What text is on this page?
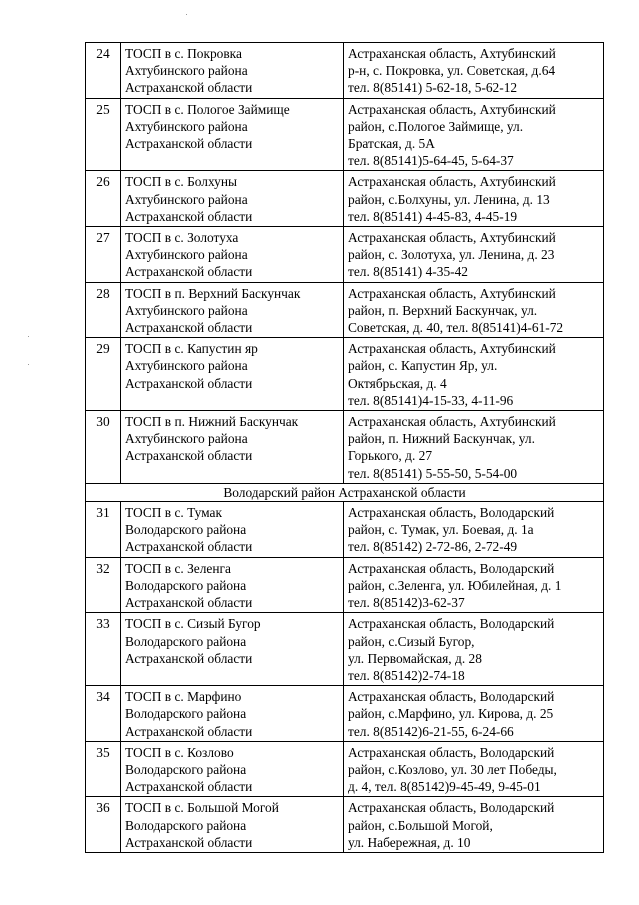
24	ТОСП в с. Покровка
Ахтубинского района
Астраханской области	Астраханская область, Ахтубинский
р-н, с. Покровка, ул. Советская, д.64
тел. 8(85141) 5-62-18, 5-62-12

25	ТОСП в с. Пологое Займище
Ахтубинского района
Астраханской области	Астраханская область, Ахтубинский
район, с.Пологое Займище, ул.
Братская, д. 5А
тел. 8(85141)5-64-45, 5-64-37

26	ТОСП в с. Болхуны
Ахтубинского района
Астраханской области	Астраханская область, Ахтубинский
район, с.Болхуны, ул. Ленина, д. 13
тел. 8(85141) 4-45-83, 4-45-19

27	ТОСП в с. Золотуха
Ахтубинского района
Астраханской области	Астраханская область, Ахтубинский
район, с. Золотуха, ул. Ленина, д. 23
тел. 8(85141) 4-35-42

28	ТОСП в п. Верхний Баскунчак
Ахтубинского района
Астраханской области	Астраханская область, Ахтубинский
район, п. Верхний Баскунчак, ул.
Советская, д. 40, тел. 8(85141)4-61-72

29	ТОСП в с. Капустин яр
Ахтубинского района
Астраханской области	Астраханская область, Ахтубинский
район, с. Капустин Яр, ул.
Октябрьская, д. 4
тел. 8(85141)4-15-33, 4-11-96

30	ТОСП в п. Нижний Баскунчак
Ахтубинского района
Астраханской области	Астраханская область, Ахтубинский
район, п. Нижний Баскунчак, ул.
Горького, д. 27
тел. 8(85141) 5-55-50, 5-54-00

Володарский район Астраханской области		
31	ТОСП в с. Тумак
Володарского района
Астраханской области	Астраханская область, Володарский
район, с. Тумак, ул. Боевая, д. 1а
тел. 8(85142) 2-72-86, 2-72-49

32	ТОСП в с. Зеленга
Володарского района
Астраханской области	Астраханская область, Володарский
район, с.Зеленга, ул. Юбилейная, д. 1
тел. 8(85142)3-62-37

33	ТОСП в с. Сизый Бугор
Володарского района
Астраханской области	Астраханская область, Володарский
район, с.Сизый Бугор,
ул. Первомайская, д. 28
тел. 8(85142)2-74-18

34	ТОСП в с. Марфино
Володарского района
Астраханской области	Астраханская область, Володарский
район, с.Марфино, ул. Кирова, д. 25
тел. 8(85142)6-21-55, 6-24-66

35	ТОСП в с. Козлово
Володарского района
Астраханской области	Астраханская область, Володарский
район, с.Козлово, ул. 30 лет Победы,
д. 4, тел. 8(85142)9-45-49, 9-45-01

36	ТОСП в с. Большой Могой
Володарского района
Астраханской области	Астраханская область, Володарский
район, с.Большой Могой,
ул. Набережная, д. 10
